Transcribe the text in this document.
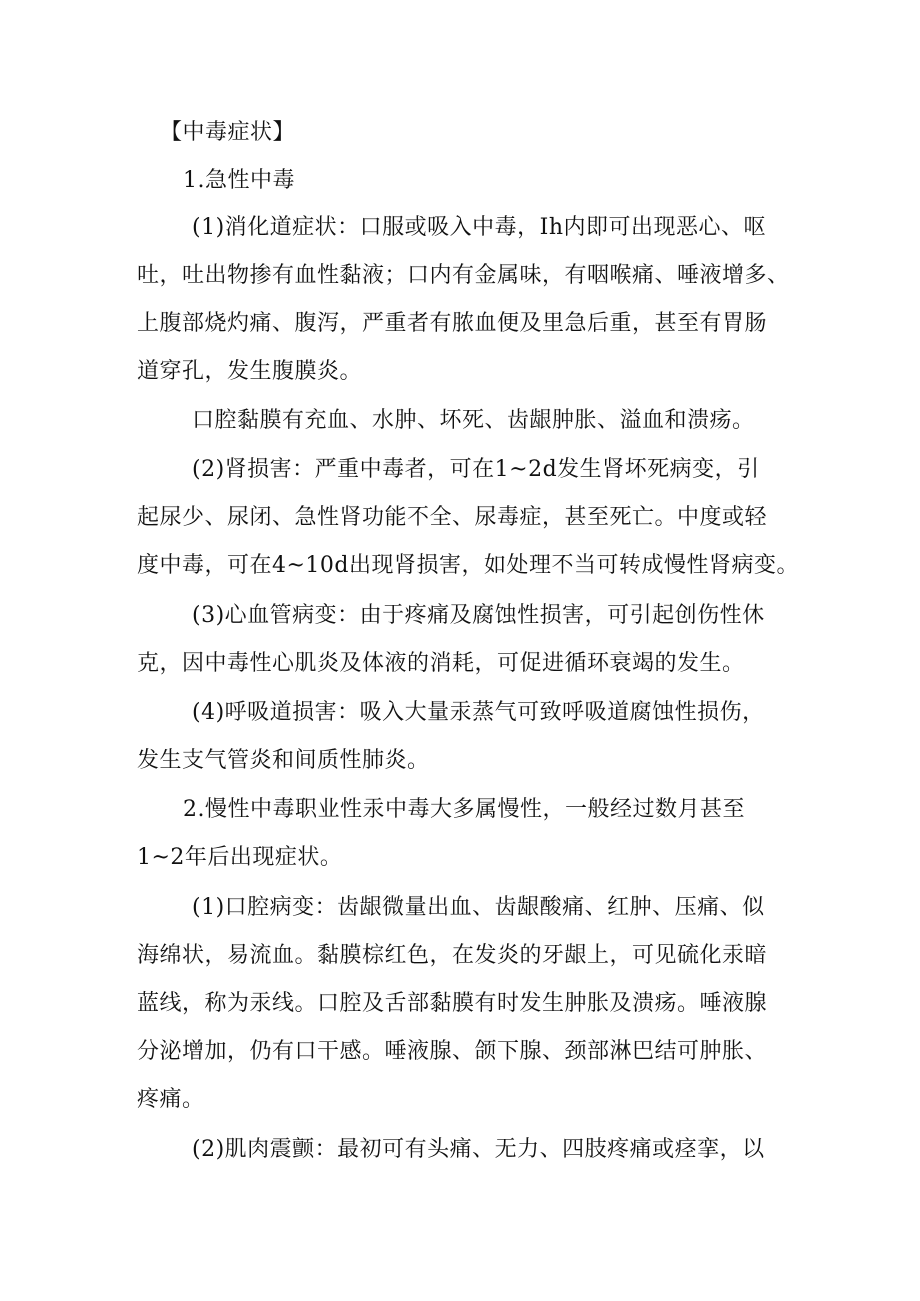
【中毒症状】
1.急性中毒
(1)消化道症状：口服或吸入中毒，Ih内即可出现恶心、呕
吐，吐出物掺有血性黏液；口内有金属味，有咽喉痛、唾液增多、
上腹部烧灼痛、腹泻，严重者有脓血便及里急后重，甚至有胃肠
道穿孔，发生腹膜炎。
口腔黏膜有充血、水肿、坏死、齿龈肿胀、溢血和溃疡。
(2)肾损害：严重中毒者，可在1~2d发生肾坏死病变，引
起尿少、尿闭、急性肾功能不全、尿毒症，甚至死亡。中度或轻
度中毒，可在4~10d出现肾损害，如处理不当可转成慢性肾病变。
(3)心血管病变：由于疼痛及腐蚀性损害，可引起创伤性休
克，因中毒性心肌炎及体液的消耗，可促进循环衰竭的发生。
(4)呼吸道损害：吸入大量汞蒸气可致呼吸道腐蚀性损伤，
发生支气管炎和间质性肺炎。
2.慢性中毒职业性汞中毒大多属慢性，一般经过数月甚至
1~2年后出现症状。
(1)口腔病变：齿龈微量出血、齿龈酸痛、红肿、压痛、似
海绵状，易流血。黏膜棕红色，在发炎的牙龈上，可见硫化汞暗
蓝线，称为汞线。口腔及舌部黏膜有时发生肿胀及溃疡。唾液腺
分泌增加，仍有口干感。唾液腺、颌下腺、颈部淋巴结可肿胀、
疼痛。
(2)肌肉震颤：最初可有头痛、无力、四肢疼痛或痉挛，以
